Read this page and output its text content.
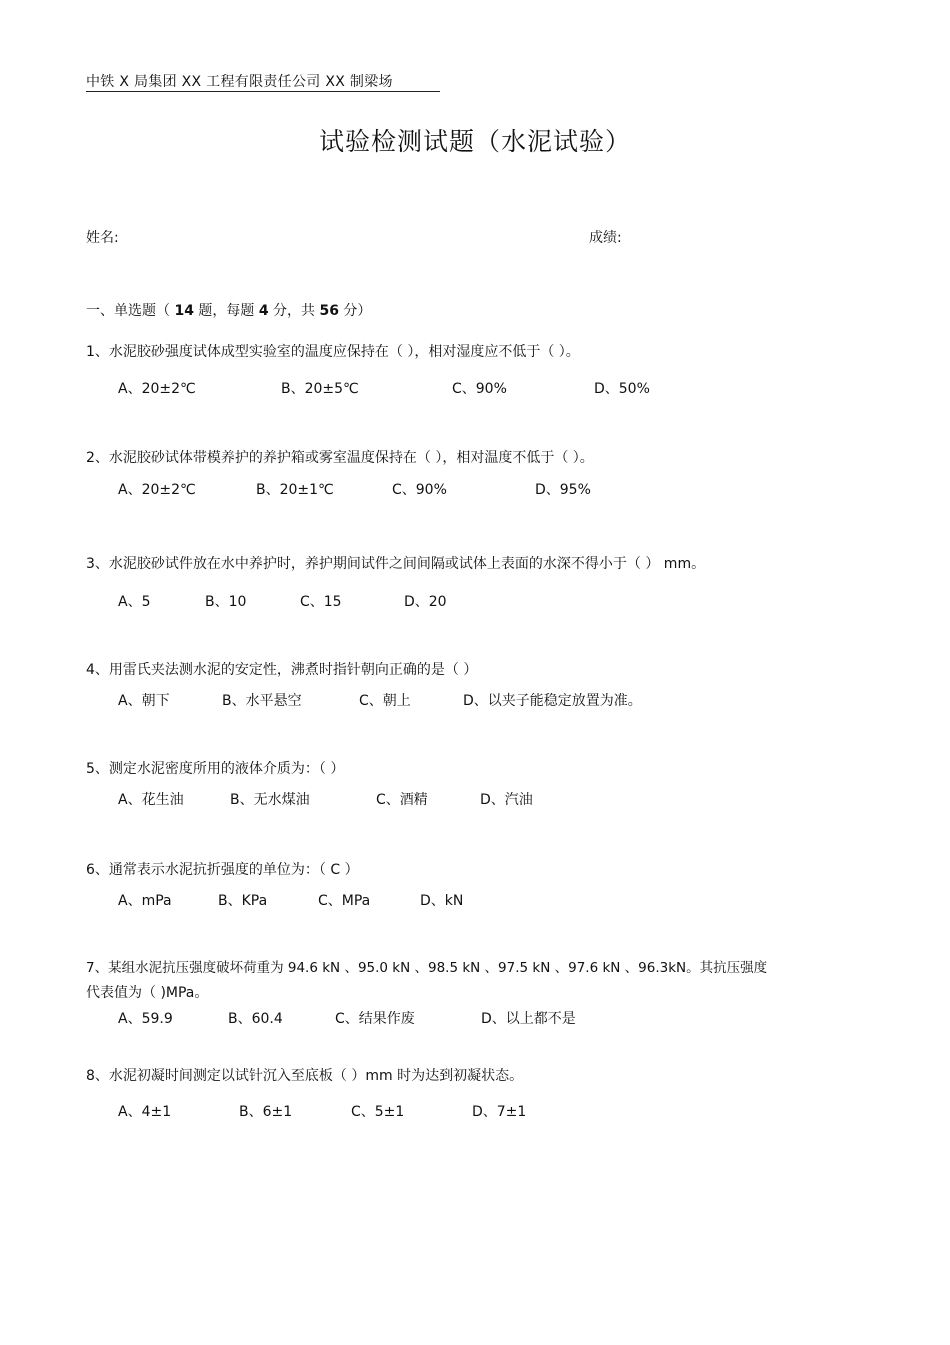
中铁 X 局集团 XX 工程有限责任公司 XX 制梁场
试验检测试题（水泥试验）
姓名:	成绩:
一、单选题（ 14 题，每题 4 分，共 56 分）
1、水泥胶砂强度试体成型实验室的温度应保持在（ ），相对湿度应不低于（ ）。
A、20±2℃	B、20±5℃	C、90%	D、50%
2、水泥胶砂试体带模养护的养护箱或雾室温度保持在（ ），相对温度不低于（ ）。
A、20±2℃	B、20±1℃	C、90%	D、95%
3、水泥胶砂试件放在水中养护时，养护期间试件之间间隔或试体上表面的水深不得小于（ ） mm。
A、5	B、10	C、15	D、20
4、用雷氏夹法测水泥的安定性，沸煮时指针朝向正确的是（ ）
A、朝下	B、水平悬空	C、朝上	D、以夹子能稳定放置为准。
5、测定水泥密度所用的液体介质为：（ ）
A、花生油	B、无水煤油	C、酒精	D、汽油
6、通常表示水泥抗折强度的单位为：（ C ）
A、mPa	B、KPa	C、MPa	D、kN
7、某组水泥抗压强度破坏荷重为 94.6 kN 、95.0 kN 、98.5 kN 、97.5 kN 、97.6 kN 、96.3kN。其抗压强度
代表值为（ )MPa。
A、59.9	B、60.4	C、结果作废	D、以上都不是
8、水泥初凝时间测定以试针沉入至底板（ ）mm 时为达到初凝状态。
A、4±1	B、6±1	C、5±1	D、7±1
